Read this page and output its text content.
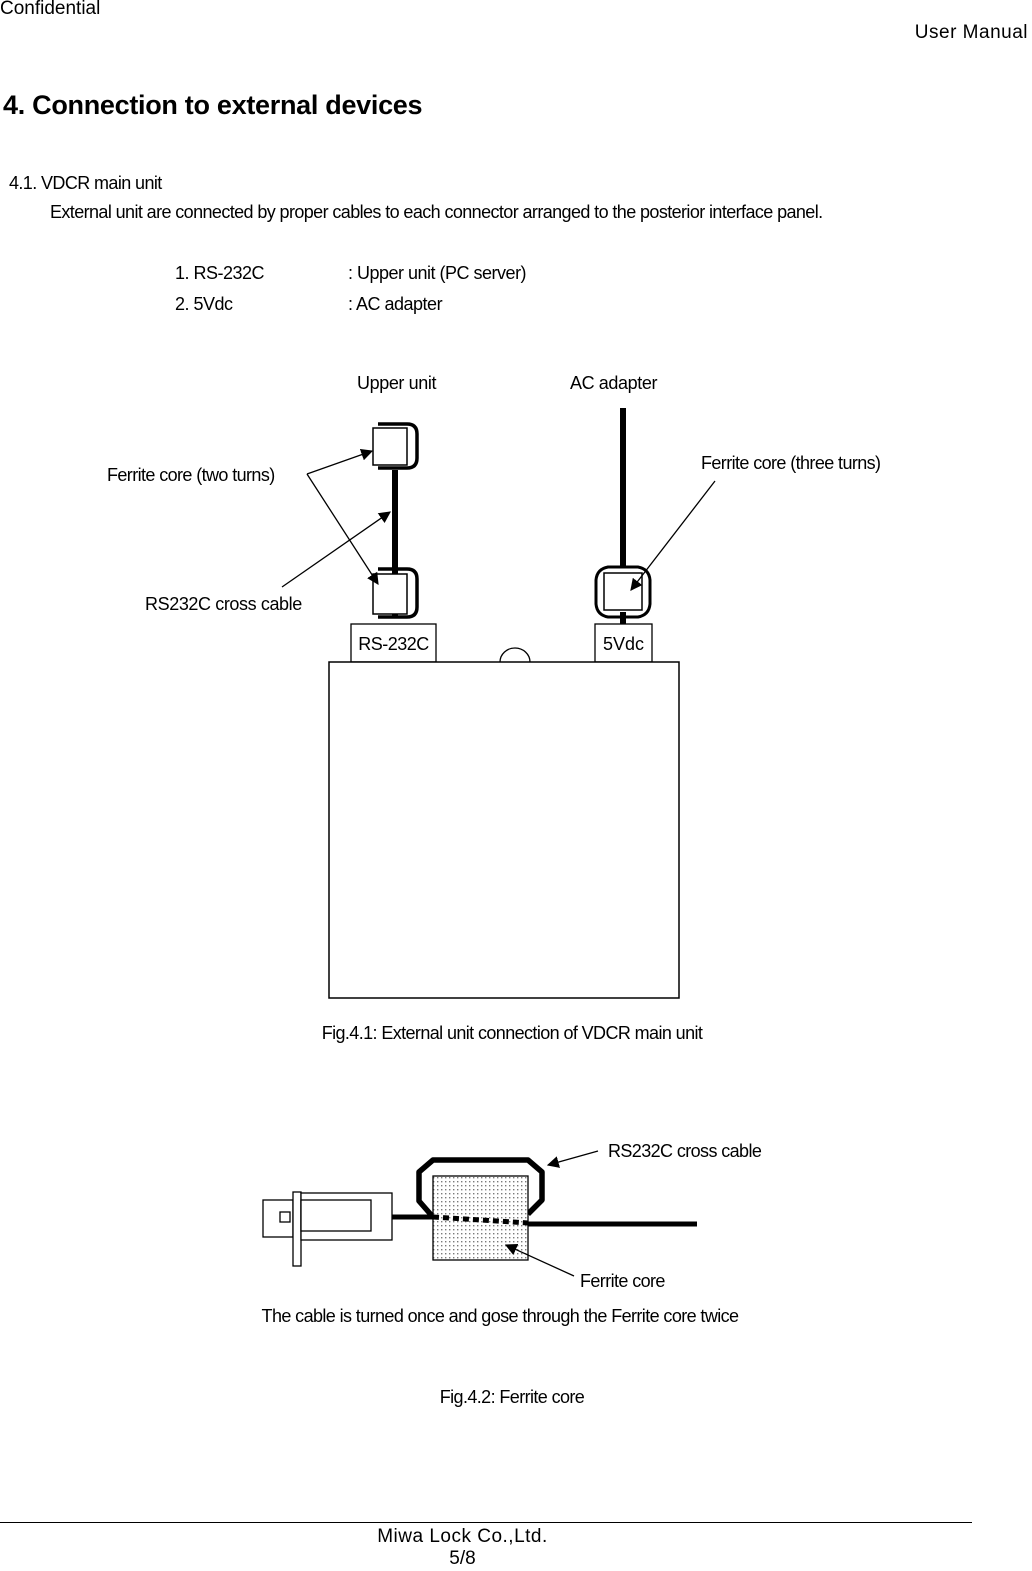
Confidential
User Manual
4. Connection to external devices
4.1. VDCR main unit
External unit are connected by proper cables to each connector arranged to the posterior interface panel.
1. RS-232C	: Upper unit (PC server)
2. 5Vdc	: AC adapter
Upper unit	AC adapter
Ferrite core (two turns)
Ferrite core (three turns)
RS232C cross cable
RS-232C	5Vdc
Fig.4.1: External unit connection of VDCR main unit
RS232C cross cable
Ferrite core
The cable is turned once and gose through the Ferrite core twice
Fig.4.2: Ferrite core
Miwa Lock Co.,Ltd.
5/8
